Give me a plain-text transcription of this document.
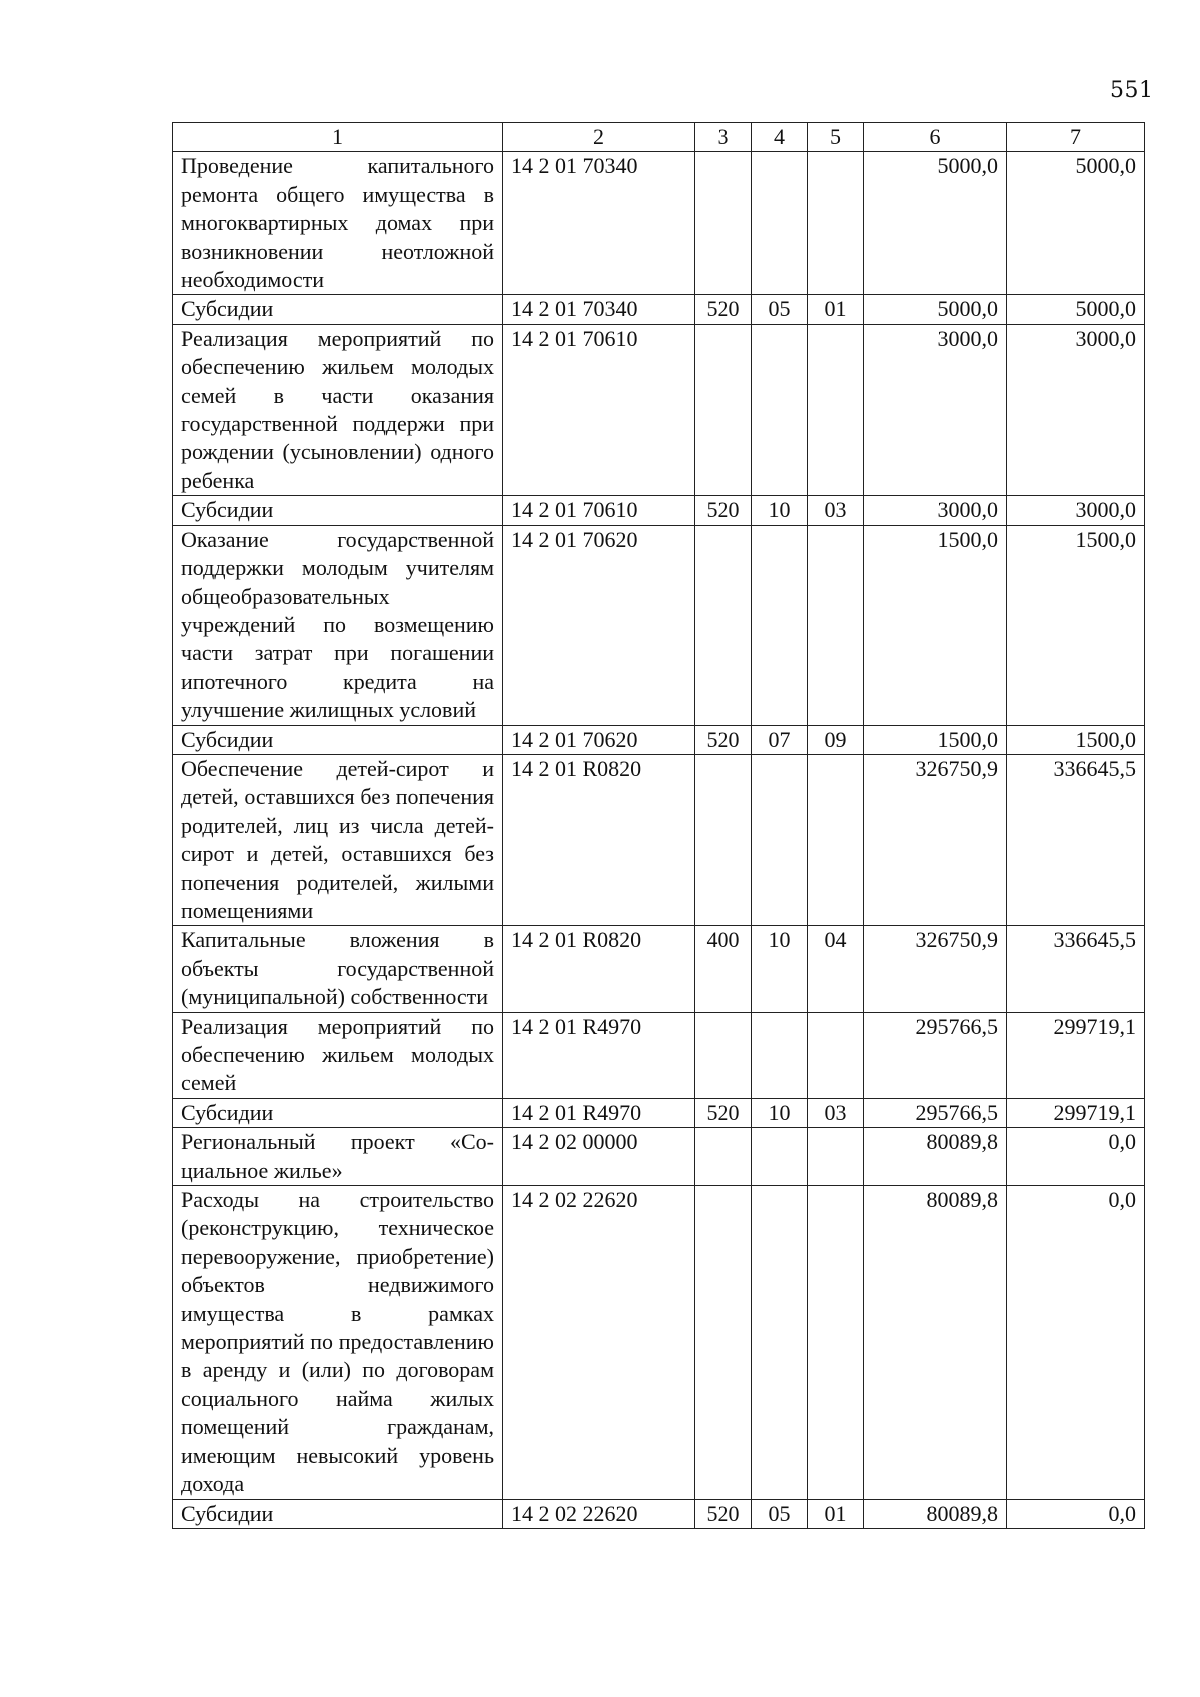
551
1	2	3	4	5	6	7
Проведение капитального ремонта общего имущества в многоквартирных домах при возникновении неотложной необходимости	14 2 01 70340				5000,0	5000,0
Субсидии	14 2 01 70340	520	05	01	5000,0	5000,0
Реализация мероприятий по обеспечению жильем молодых семей в части оказания государственной поддержи при рождении (усыновлении) одного ребенка	14 2 01 70610				3000,0	3000,0
Субсидии	14 2 01 70610	520	10	03	3000,0	3000,0
Оказание государственной поддержки молодым учителям общеобразовательных учреждений по возмещению части затрат при погашении ипотечного кредита на улучшение жилищных условий	14 2 01 70620				1500,0	1500,0
Субсидии	14 2 01 70620	520	07	09	1500,0	1500,0
Обеспечение детей-сирот и детей, оставшихся без попечения родителей, лиц из числа детей-сирот и детей, оставшихся без попечения родителей, жилыми помещениями	14 2 01 R0820				326750,9	336645,5
Капитальные вложения в объекты государственной (муниципальной) собственности	14 2 01 R0820	400	10	04	326750,9	336645,5
Реализация мероприятий по обеспечению жильем молодых семей	14 2 01 R4970				295766,5	299719,1
Субсидии	14 2 01 R4970	520	10	03	295766,5	299719,1
Региональный проект «Социальное жилье»	14 2 02 00000				80089,8	0,0
Расходы на строительство (реконструкцию, техническое перевооружение, приобретение) объектов недвижимого имущества в рамках мероприятий по предоставлению в аренду и (или) по договорам социального найма жилых помещений гражданам, имеющим невысокий уровень дохода	14 2 02 22620				80089,8	0,0
Субсидии	14 2 02 22620	520	05	01	80089,8	0,0
